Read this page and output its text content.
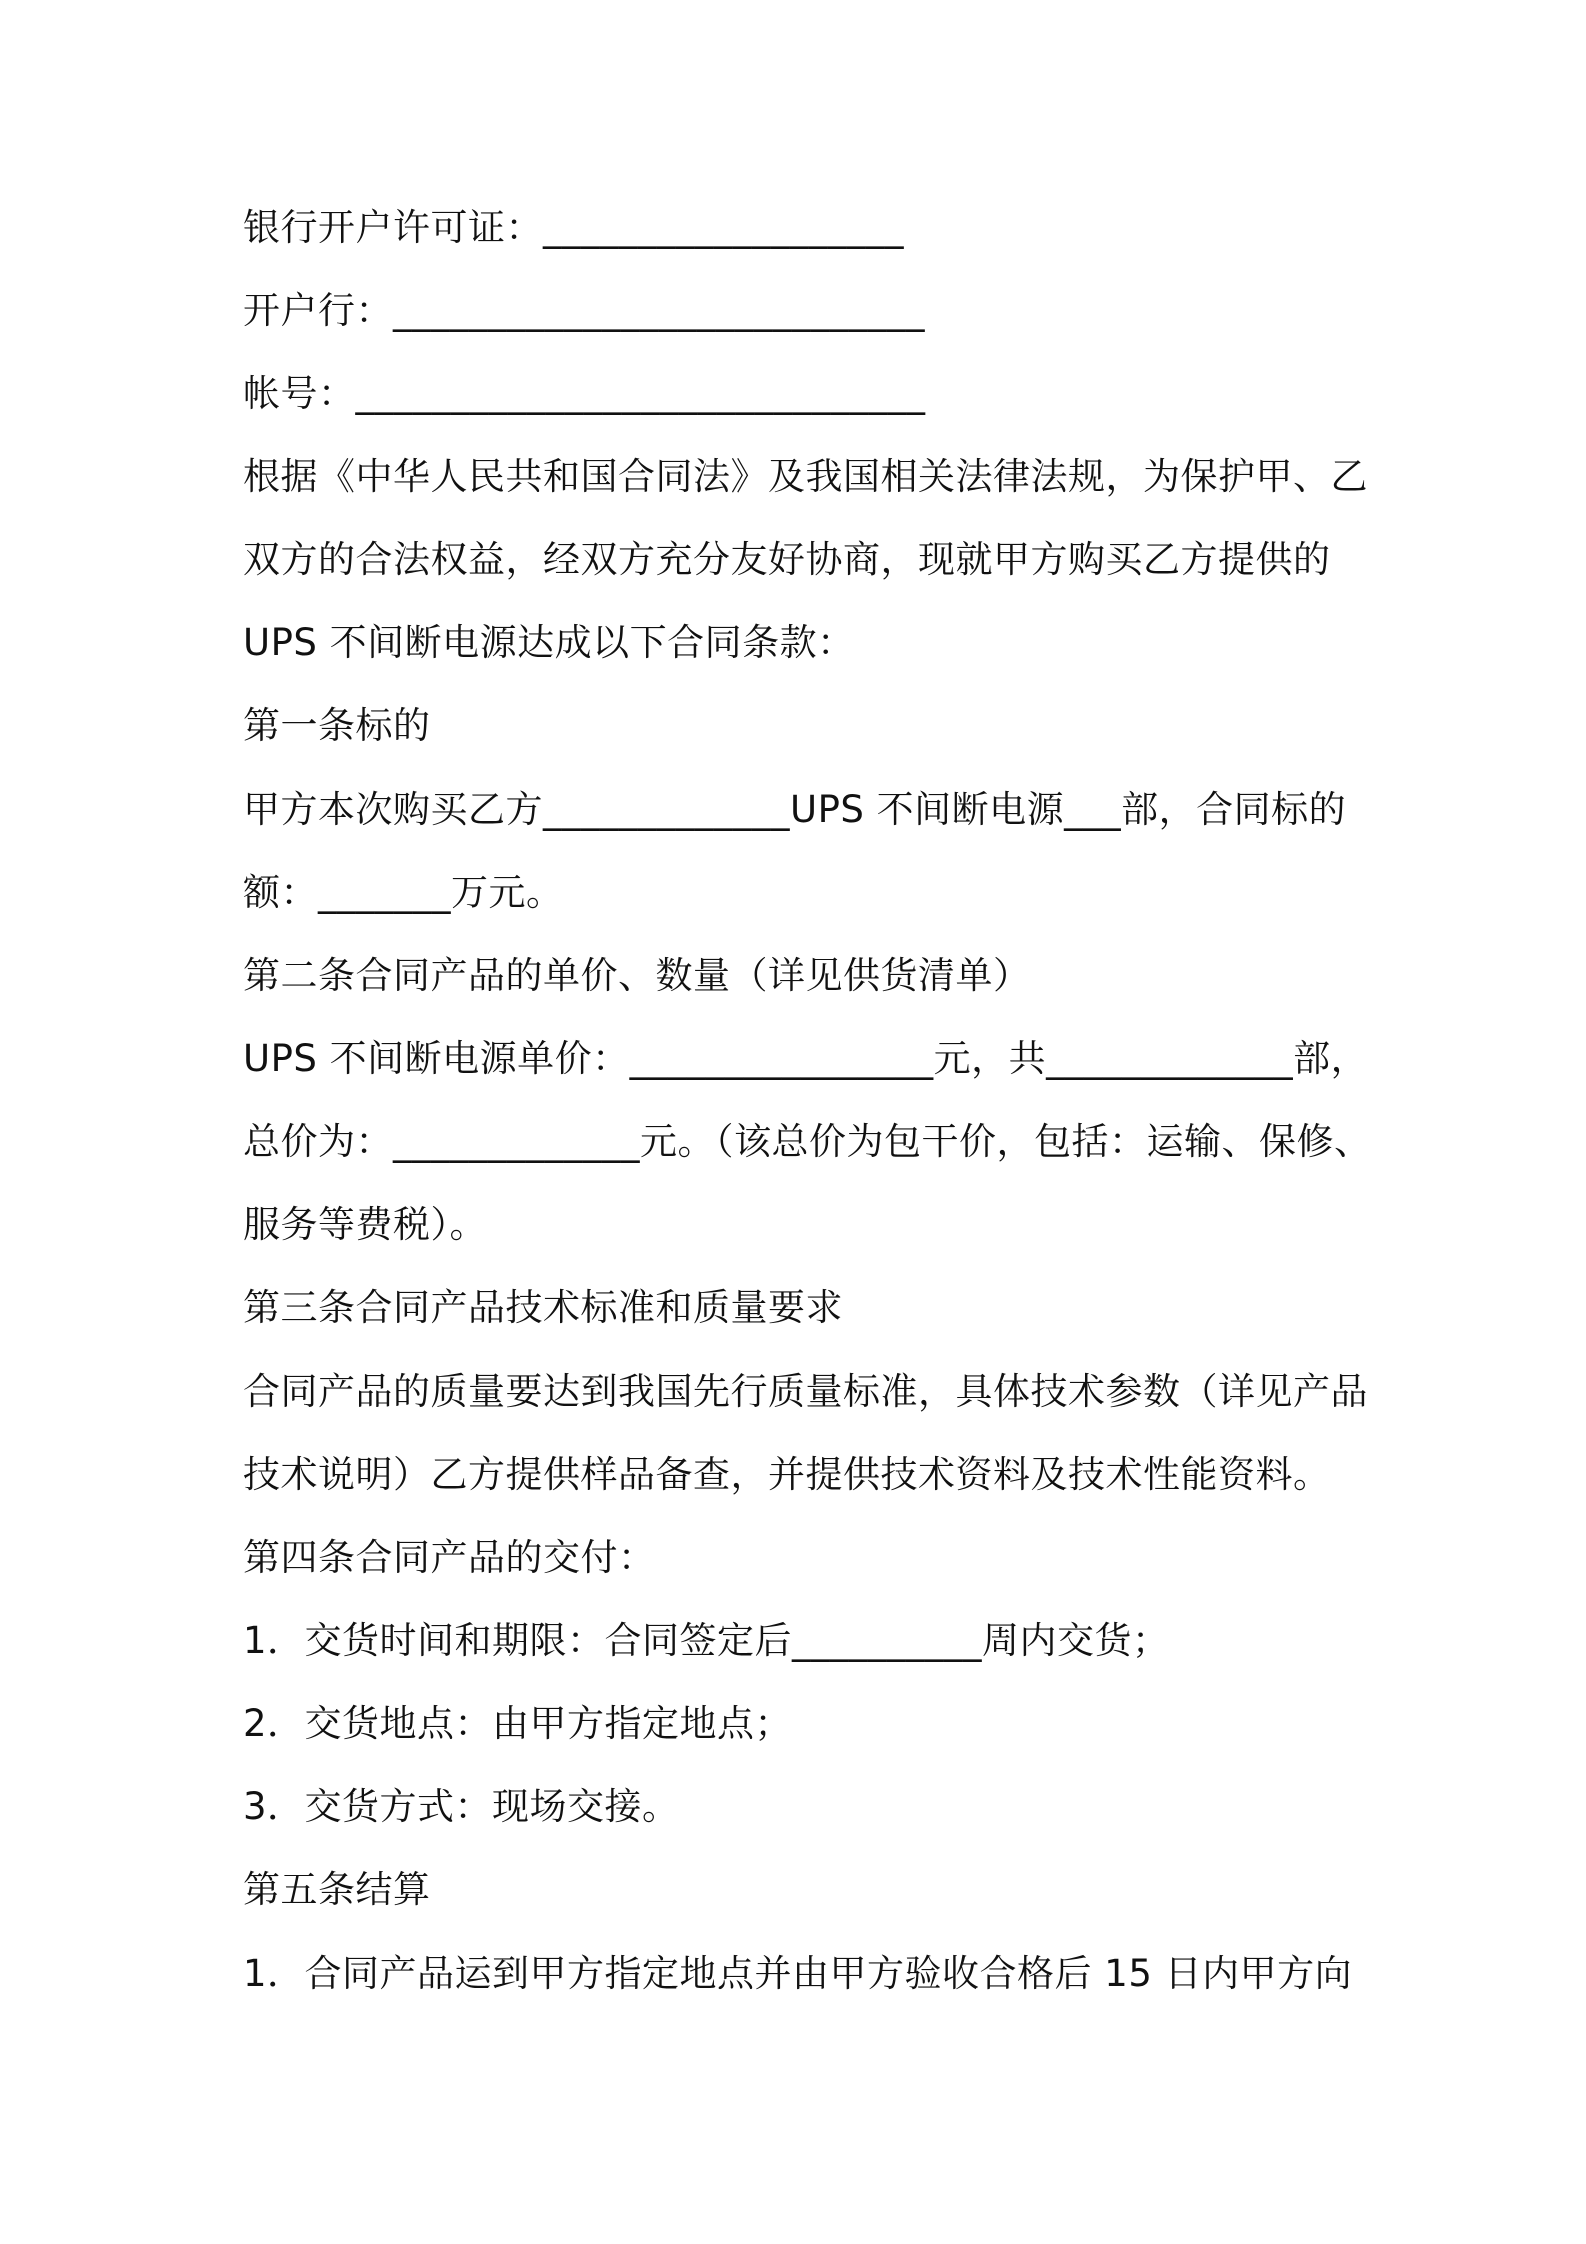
银行开户许可证：___________________
开户行：____________________________
帐号：______________________________
根据《中华人民共和国合同法》及我国相关法律法规，为保护甲、乙
双方的合法权益，经双方充分友好协商，现就甲方购买乙方提供的
UPS 不间断电源达成以下合同条款：
第一条标的
甲方本次购买乙方_____________UPS 不间断电源___部，合同标的
额：_______万元。
第二条合同产品的单价、数量（详见供货清单）
UPS 不间断电源单价：________________元，共_____________部，
总价为：_____________元。（该总价为包干价，包括：运输、保修、
服务等费税）。
第三条合同产品技术标准和质量要求
合同产品的质量要达到我国先行质量标准，具体技术参数（详见产品
技术说明）乙方提供样品备查，并提供技术资料及技术性能资料。
第四条合同产品的交付：
1．交货时间和期限：合同签定后__________周内交货；
2．交货地点：由甲方指定地点；
3．交货方式：现场交接。
第五条结算
1．合同产品运到甲方指定地点并由甲方验收合格后 15 日内甲方向
